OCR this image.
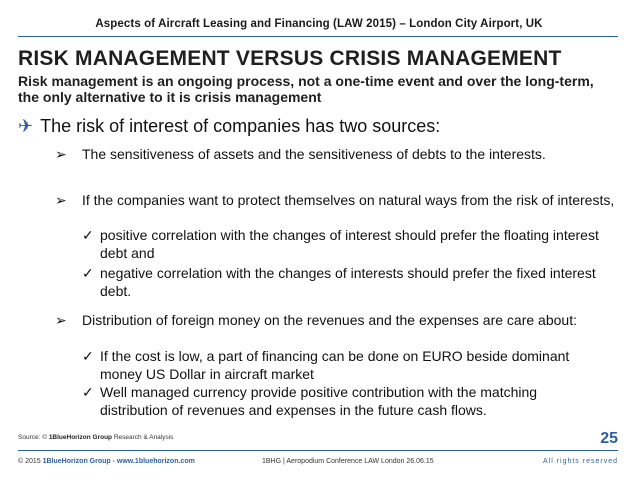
Aspects of Aircraft Leasing and Financing (LAW 2015) – London City Airport, UK
RISK MANAGEMENT VERSUS CRISIS MANAGEMENT
Risk management is an ongoing process, not a one-time event and over the long-term, the only alternative to it is crisis management
✈ The risk of interest of companies has two sources:
➢	The sensitiveness of assets and the sensitiveness of debts to the interests.
➢	If the companies want to protect themselves on natural ways from the risk of interests,
✓ positive correlation with the changes of interest should prefer the floating interest debt and
✓ negative correlation with the changes of interests should prefer the fixed interest debt.
➢	Distribution of foreign money on the revenues and the expenses are care about:
✓ If the cost is low, a part of financing can be done on EURO beside dominant money US Dollar in aircraft market
✓ Well managed currency provide positive contribution with the matching distribution of revenues and expenses in the future cash flows.
Source: © 1BlueHorizon Group Research & Analysis	25
© 2015 1BlueHorizon Group - www.1bluehorizon.com	1BHG | Aeropodium Conference LAW London 26.06.15	All rights reserved
